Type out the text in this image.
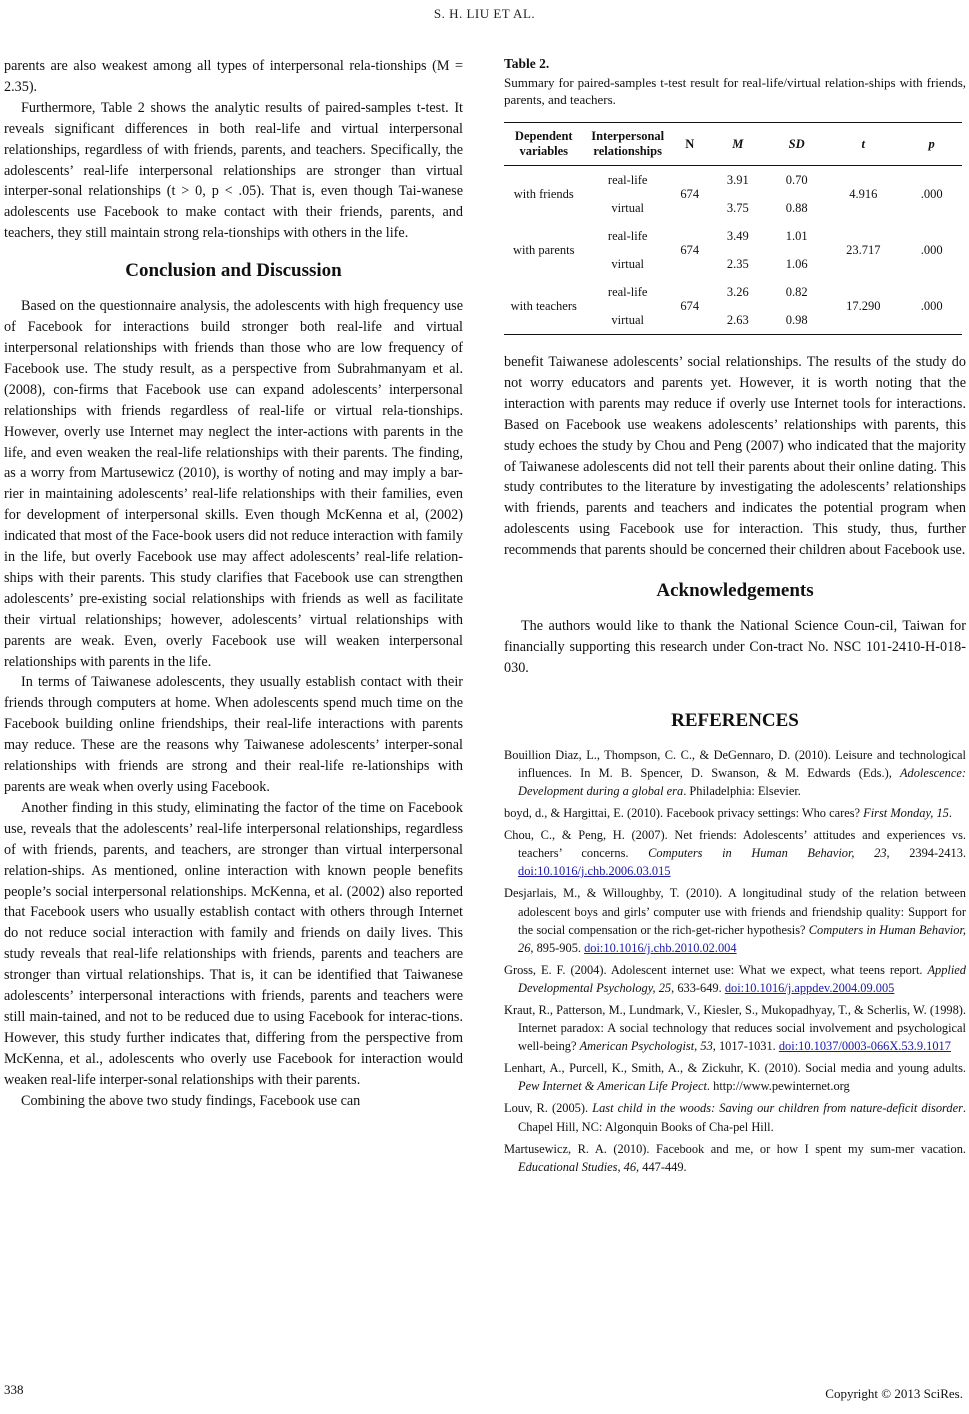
S. H. LIU ET AL.

parents are also weakest among all types of interpersonal rela-tionships (M = 2.35).

Furthermore, Table 2 shows the analytic results of paired-samples t-test. It reveals significant differences in both real-life and virtual interpersonal relationships, regardless of with friends, parents, and teachers. Specifically, the adolescents’ real-life interpersonal relationships are stronger than virtual interper-sonal relationships (t > 0, p < .05). That is, even though Tai-wanese adolescents use Facebook to make contact with their friends, parents, and teachers, they still maintain strong rela-tionships with others in the life.

Conclusion and Discussion

Based on the questionnaire analysis, the adolescents with high frequency use of Facebook for interactions build stronger both real-life and virtual interpersonal relationships with friends than those who are low frequency of Facebook use. The study result, as a perspective from Subrahmanyam et al. (2008), con-firms that Facebook use can expand adolescents’ interpersonal relationships with friends regardless of real-life or virtual rela-tionships. However, overly use Internet may neglect the inter-actions with parents in the life, and even weaken the real-life relationships with their parents. The finding, as a worry from Martusewicz (2010), is worthy of noting and may imply a bar-rier in maintaining adolescents’ real-life relationships with their families, even for development of interpersonal skills. Even though McKenna et al, (2002) indicated that most of the Face-book users did not reduce interaction with family in the life, but overly Facebook use may affect adolescents’ real-life relation-ships with their parents. This study clarifies that Facebook use can strengthen adolescents’ pre-existing social relationships with friends as well as facilitate their virtual relationships; however, adolescents’ virtual relationships with parents are weak. Even, overly Facebook use will weaken interpersonal relationships with parents in the life.

In terms of Taiwanese adolescents, they usually establish contact with their friends through computers at home. When adolescents spend much time on the Facebook building online friendships, their real-life interactions with parents may reduce. These are the reasons why Taiwanese adolescents’ interper-sonal relationships with friends are strong and their real-life re-lationships with parents are weak when overly using Facebook.

Another finding in this study, eliminating the factor of the time on Facebook use, reveals that the adolescents’ real-life interpersonal relationships, regardless of with friends, parents, and teachers, are stronger than virtual interpersonal relation-ships. As mentioned, online interaction with known people benefits people’s social interpersonal relationships. McKenna, et al. (2002) also reported that Facebook users who usually establish contact with others through Internet do not reduce social interaction with family and friends on daily lives. This study reveals that real-life relationships with friends, parents and teachers are stronger than virtual relationships. That is, it can be identified that Taiwanese adolescents’ interpersonal interactions with friends, parents and teachers were still main-tained, and not to be reduced due to using Facebook for interac-tions. However, this study further indicates that, differing from the perspective from McKenna, et al., adolescents who overly use Facebook for interaction would weaken real-life interper-sonal relationships with their parents.

Combining the above two study findings, Facebook use can

Table 2.
Summary for paired-samples t-test result for real-life/virtual relation-ships with friends, parents, and teachers.
Dependent variables	Interpersonal relationships	N	M	SD	t	p
with friends	real-life	674	3.91	0.70	4.916	.000
	virtual		3.75	0.88		
with parents	real-life	674	3.49	1.01	23.717	.000
	virtual		2.35	1.06		
with teachers	real-life	674	3.26	0.82	17.290	.000
	virtual		2.63	0.98		

benefit Taiwanese adolescents’ social relationships. The results of the study do not worry educators and parents yet. However, it is worth noting that the interaction with parents may reduce if overly use Internet tools for interactions. Based on Facebook use weakens adolescents’ relationships with parents, this study echoes the study by Chou and Peng (2007) who indicated that the majority of Taiwanese adolescents did not tell their parents about their online dating. This study contributes to the literature by investigating the adolescents’ relationships with friends, parents and teachers and indicates the potential program when adolescents using Facebook use for interaction. This study, thus, further recommends that parents should be concerned their children about Facebook use.

Acknowledgements

The authors would like to thank the National Science Coun-cil, Taiwan for financially supporting this research under Con-tract No. NSC 101-2410-H-018-030.

REFERENCES
Bouillion Diaz, L., Thompson, C. C., & DeGennaro, D. (2010). Leisure and technological influences. In M. B. Spencer, D. Swanson, & M. Edwards (Eds.), Adolescence: Development during a global era. Philadelphia: Elsevier.
boyd, d., & Hargittai, E. (2010). Facebook privacy settings: Who cares? First Monday, 15.
Chou, C., & Peng, H. (2007). Net friends: Adolescents’ attitudes and experiences vs. teachers’ concerns. Computers in Human Behavior, 23, 2394-2413. doi:10.1016/j.chb.2006.03.015
Desjarlais, M., & Willoughby, T. (2010). A longitudinal study of the relation between adolescent boys and girls’ computer use with friends and friendship quality: Support for the social compensation or the rich-get-richer hypothesis? Computers in Human Behavior, 26, 895-905. doi:10.1016/j.chb.2010.02.004
Gross, E. F. (2004). Adolescent internet use: What we expect, what teens report. Applied Developmental Psychology, 25, 633-649. doi:10.1016/j.appdev.2004.09.005
Kraut, R., Patterson, M., Lundmark, V., Kiesler, S., Mukopadhyay, T., & Scherlis, W. (1998). Internet paradox: A social technology that reduces social involvement and psychological well-being? American Psychologist, 53, 1017-1031. doi:10.1037/0003-066X.53.9.1017
Lenhart, A., Purcell, K., Smith, A., & Zickuhr, K. (2010). Social media and young adults. Pew Internet & American Life Project. http://www.pewinternet.org
Louv, R. (2005). Last child in the woods: Saving our children from nature-deficit disorder. Chapel Hill, NC: Algonquin Books of Cha-pel Hill.
Martusewicz, R. A. (2010). Facebook and me, or how I spent my sum-mer vacation. Educational Studies, 46, 447-449.
338	Copyright © 2013 SciRes.
